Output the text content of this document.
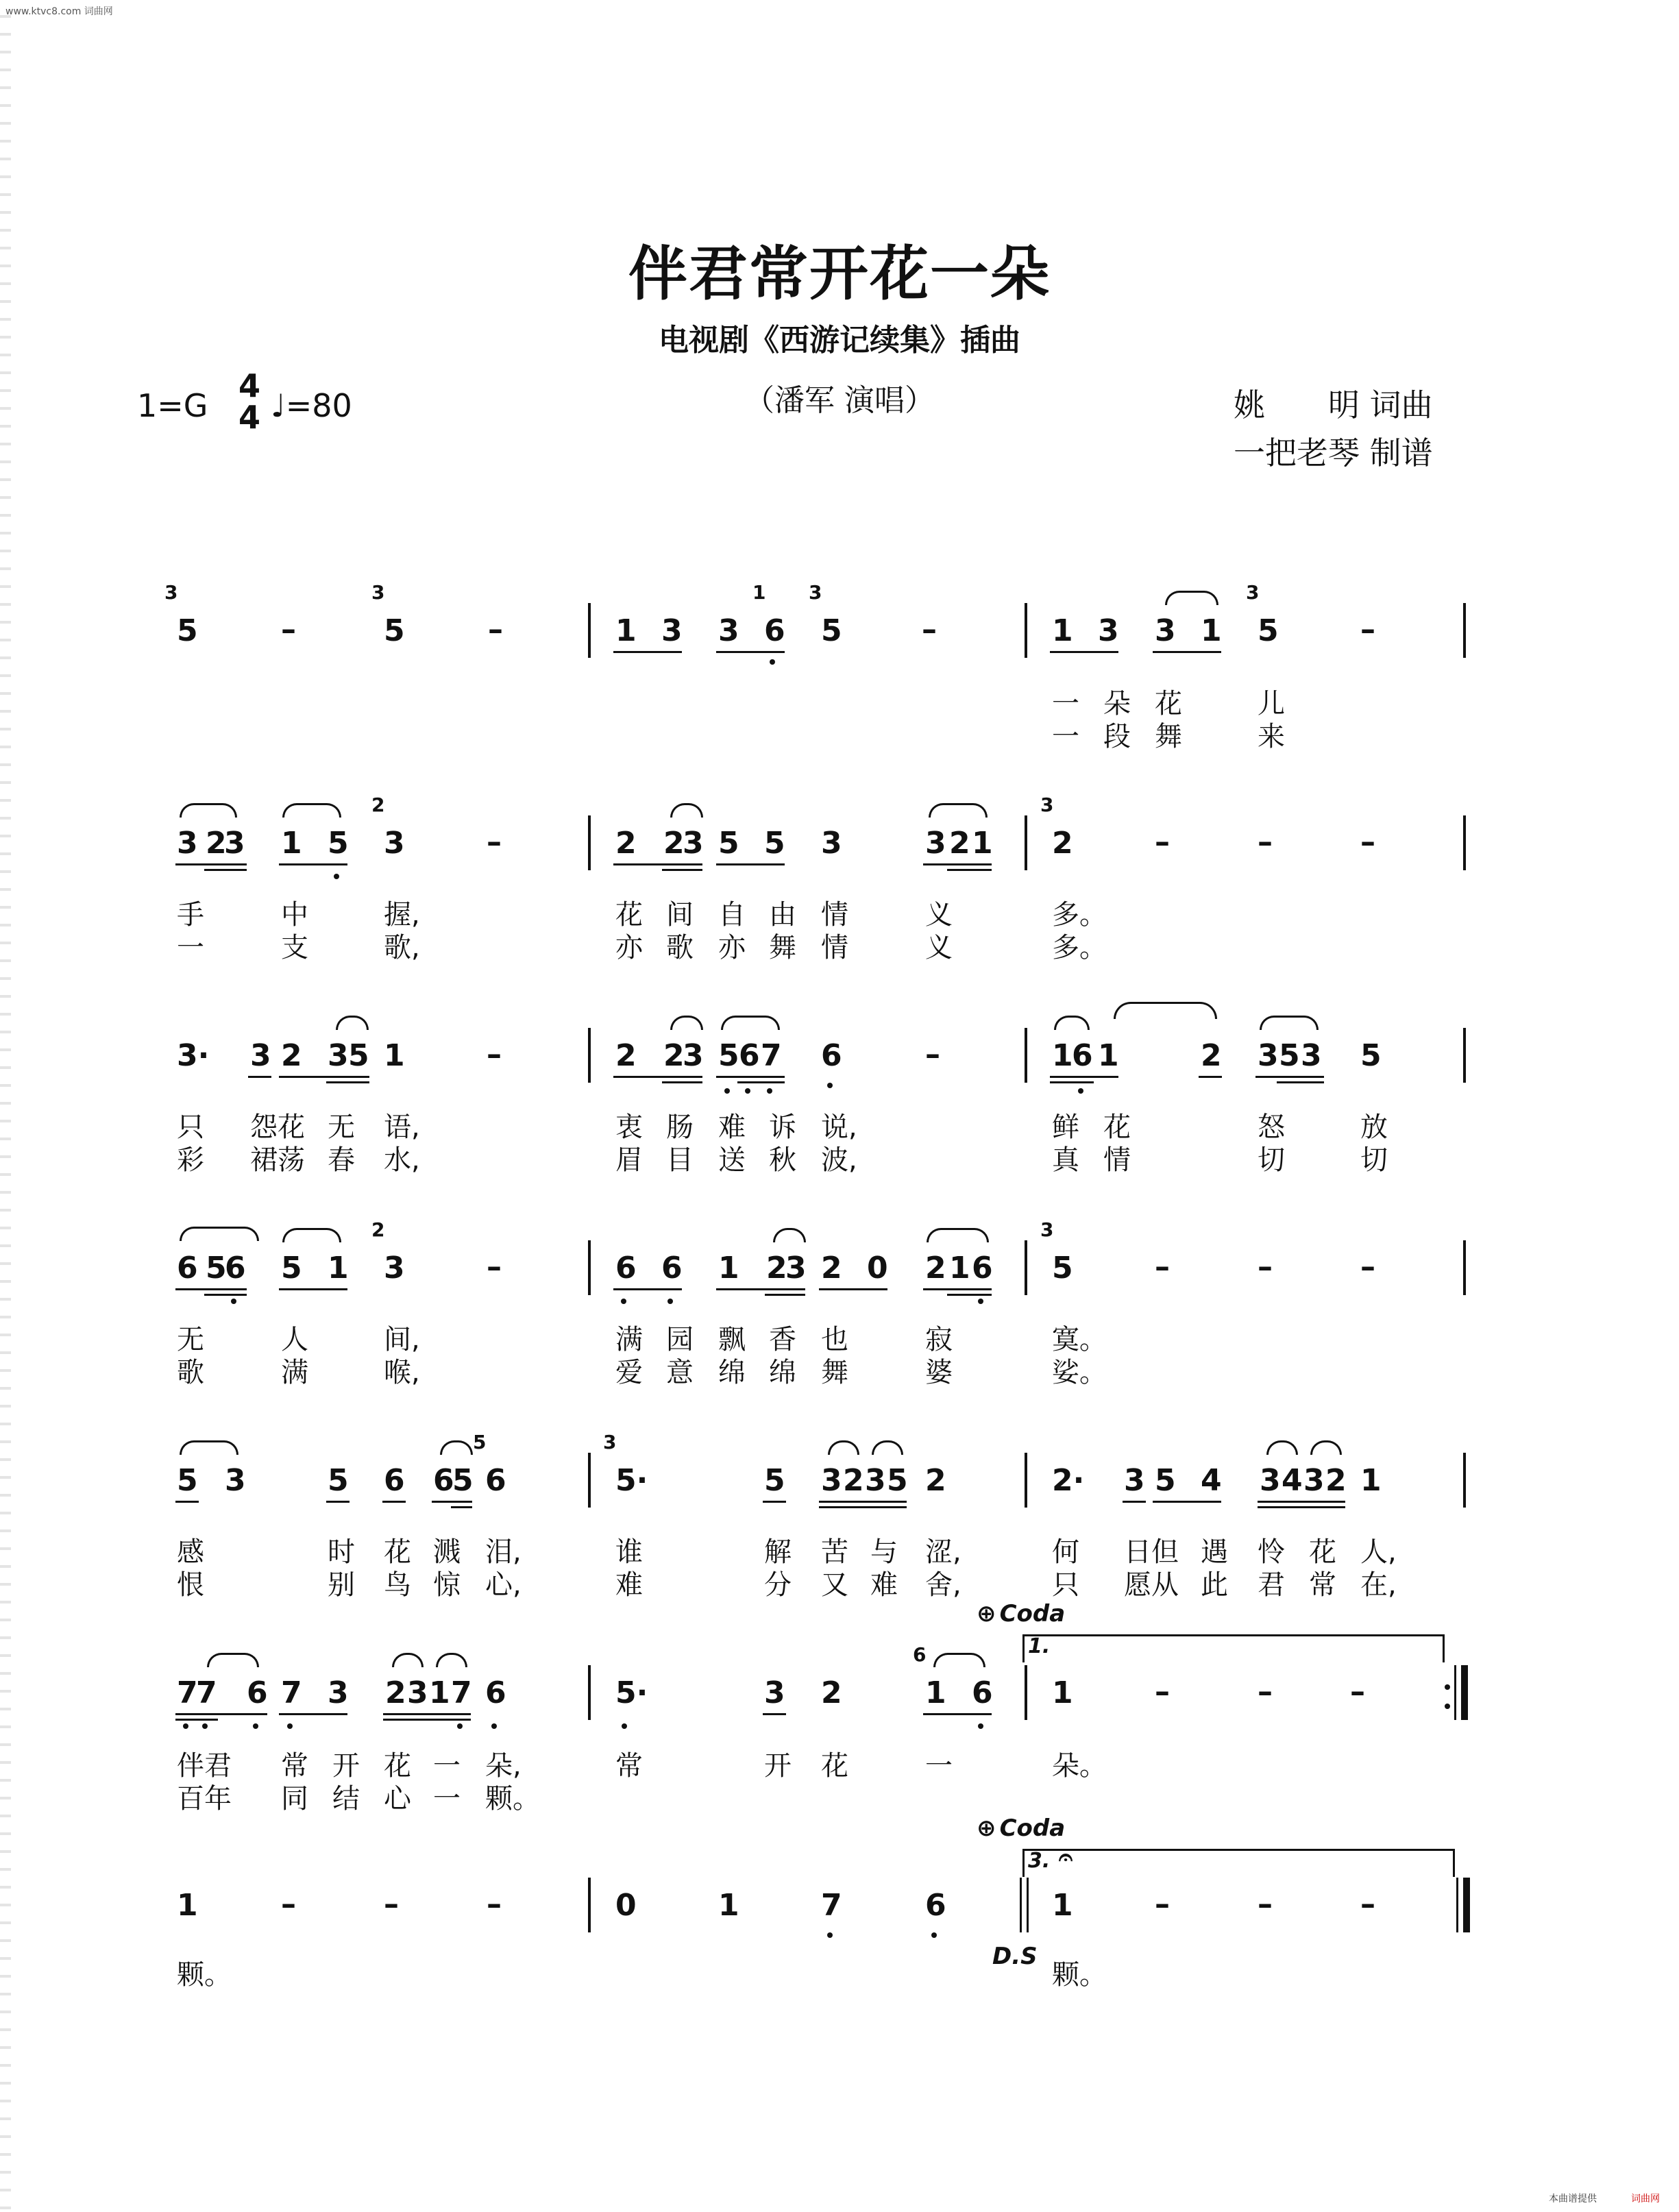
www.ktvc8.com 词曲网
伴君常开花一朵
电视剧《西游记续集》插曲
（潘军 演唱）
1=G
4
4 ♩=80	姚　　明 词曲
一把老琴 制谱
3
5	–
3
5	–	1 3 3
1
6
3
5	–	1 3 3 1
3
5	–
一 朵 花	儿
一 段 舞	来
3 2
3 1 5
2
3	–	2 2
3 5 5 3	3 2 1
3
2	–	–	–
手	中	握,	花 间 自 由 情	义	多。
一	支	歌,	亦 歌 亦 舞 情	义	多。
3· 3 2 3 5 1	–	2 2
3 5 6 7 6	–	1
6 1	2 3 5 3 5
只 怨花 无 语,	衷 肠 难 诉 说,	鲜 花	怒	放
彩 裙荡 春 水,	眉 目 送 秋 波,	真 情	切	切
6 5
6 5 1
2
3	–	6 6 1 2
3 2 0 2 1 6
3
5	–	–	–
无	人	间,	满 园 飘 香 也	寂	寞。
歌	满	喉,	爱 意 绵 绵 舞	婆	娑。
5 3	5 6
5
6
5 6
3
5·	5 3 2 3 5 2	2· 3 5 4 3 4 3 2 1
感	时 花 溅 泪,	谁	解 苦 与 涩,	何 日但 遇 怜 花 人,
恨	别 鸟 惊 心,	难	分 又 难 舍,	只 愿从 此 君 常 在,
⊕ Coda
1.
7
7 6 7 3 2 3 1 7 6	5·	3 2
6
1 6 1	–	–	–
伴君 常 开 花 一 朵,	常	开 花	一	朵。
百年 同 结 心 一 颗。
⊕ Coda
3. 𝄐
1	–	–	–	0	1	7	6	1	–	–	–
D.S
颗。	颗。
本曲谱提供	词曲网
